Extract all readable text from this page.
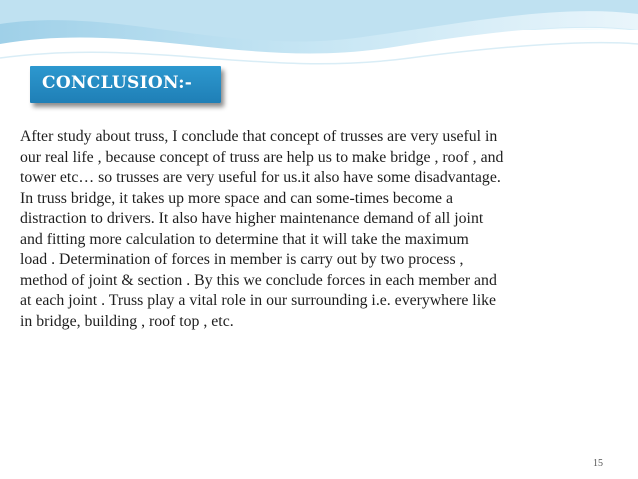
CONCLUSION:-
After study about truss, I conclude that concept of trusses are very useful in
our real life , because concept of truss are help us to make bridge , roof , and
tower etc… so trusses are very useful for us.it also have some disadvantage.
In truss bridge, it takes up more space and can some-times become a
distraction to drivers. It also have higher maintenance demand of all joint
and fitting more calculation to determine that it will take the maximum
load . Determination of forces in member is carry out by two process ,
method of joint & section . By this we conclude forces in each member and
at each joint . Truss play a vital role in our surrounding i.e. everywhere like
in bridge, building , roof top , etc.
15
